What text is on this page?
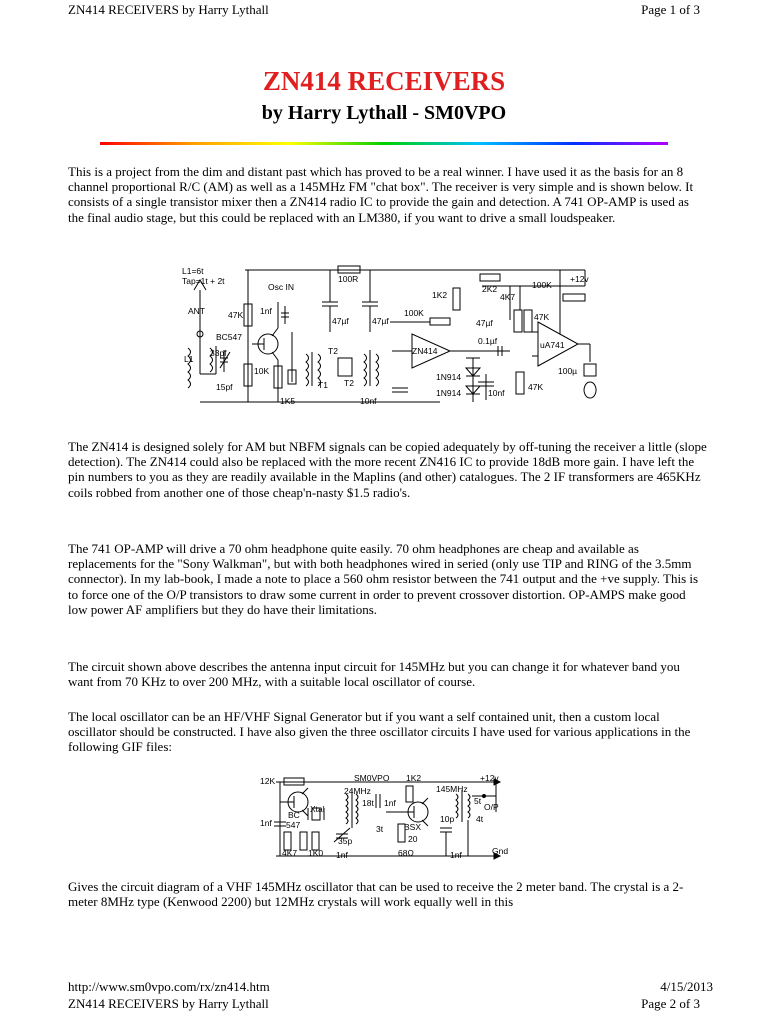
ZN414 RECEIVERS by Harry Lythall	Page 1 of 3
ZN414 RECEIVERS
by Harry Lythall - SM0VPO

This is a project from the dim and distant past which has proved to be a real winner. I have used it as the basis for an 8 channel proportional R/C (AM) as well as a 145MHz FM "chat box". The receiver is very simple and is shown below. It consists of a single transistor mixer then a ZN414 radio IC to provide the gain and detection. A 741 OP-AMP is used as the final audio stage, but this could be replaced with an LM380, if you want to drive a small loudspeaker.

L1=6t
Tap=1t + 2t
Osc IN
100R
2K2
+12v
100K
47K 1nf
ANT
BC547
33pf
L1
15pf
10K
1K5
47µf	47µf
1K2
100K
4K7
47µf
47K
T2
T1 T2
10nf
ZN414
0.1µf	uA741
1N914
1N914	10nf
47K
100µ

The ZN414 is designed solely for AM but NBFM signals can be copied adequately by off-tuning the receiver a little (slope detection). The ZN414 could also be replaced with the more recent ZN416 IC to provide 18dB more gain. I have left the pin numbers to you as they are readily available in the Maplins (and other) catalogues. The 2 IF transformers are 465KHz coils robbed from another one of those cheap'n-nasty $1.5 radio's.

The 741 OP-AMP will drive a 70 ohm headphone quite easily. 70 ohm headphones are cheap and available as replacements for the "Sony Walkman", but with both headphones wired in seried (only use TIP and RING of the 3.5mm connector). In my lab-book, I made a note to place a 560 ohm resistor between the 741 output and the +ve supply. This is to force one of the O/P transistors to draw some current in order to prevent crossover distortion. OP-AMPS make good low power AF amplifiers but they do have their limitations.

The circuit shown above describes the antenna input circuit for 145MHz but you can change it for whatever band you want from 70 KHz to over 200 MHz, with a suitable local oscillator of course.

The local oscillator can be an HF/VHF Signal Generator but if you want a self contained unit, then a custom local oscillator should be constructed. I have also given the three oscillator circuits I have used for various applications in the following GIF files:

12K	SM0VPO 1K2	+12v
24MHz	145MHz
Xtal
18t 1nf	5t
O/P
4t
BC
547	3t BSX
20
10p
1nf
35p
4K7 1K0 1nf	68Ω	1nf	Gnd

Gives the circuit diagram of a VHF 145MHz oscillator that can be used to receive the 2 meter band. The crystal is a 2-meter 8MHz type (Kenwood 2200) but 12MHz crystals will work equally well in this

http://www.sm0vpo.com/rx/zn414.htm	4/15/2013
ZN414 RECEIVERS by Harry Lythall	Page 2 of 3
